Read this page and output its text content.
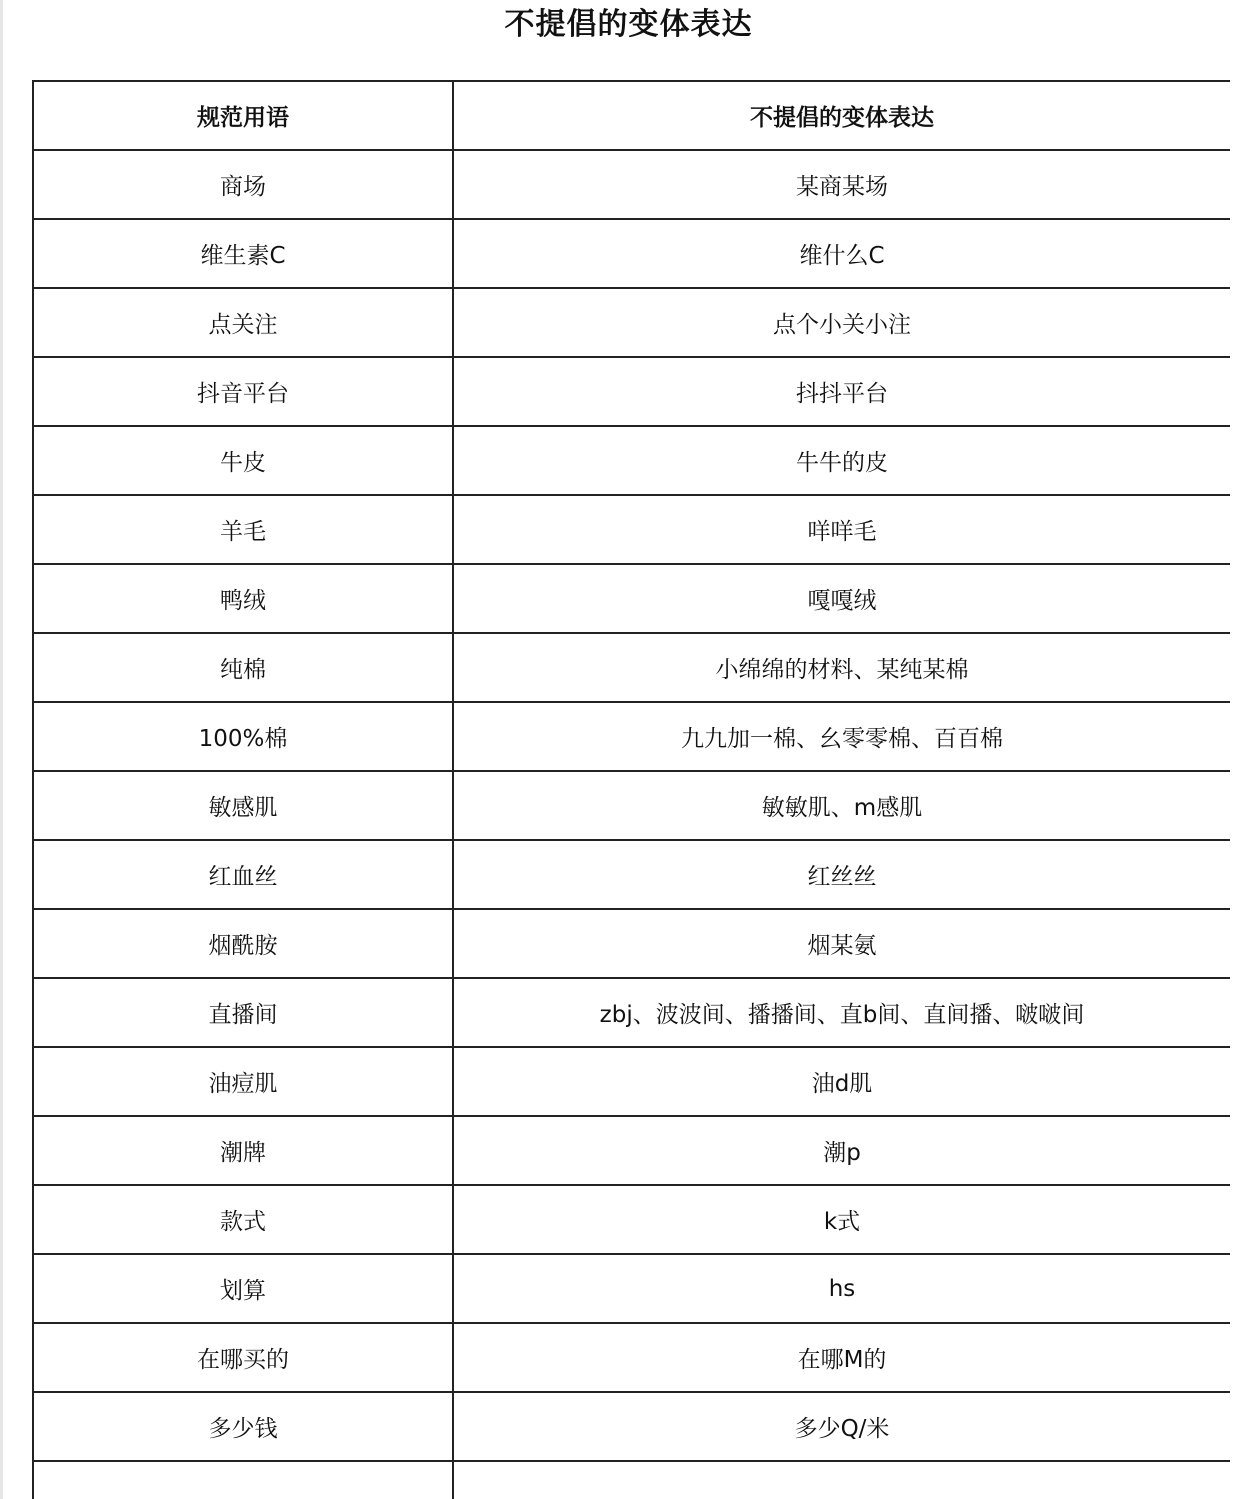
不提倡的变体表达
规范用语	不提倡的变体表达
商场	某商某场
维生素C	维什么C
点关注	点个小关小注
抖音平台	抖抖平台
牛皮	牛牛的皮
羊毛	咩咩毛
鸭绒	嘎嘎绒
纯棉	小绵绵的材料、某纯某棉
100%棉	九九加一棉、幺零零棉、百百棉
敏感肌	敏敏肌、m感肌
红血丝	红丝丝
烟酰胺	烟某氨
直播间	zbj、波波间、播播间、直b间、直间播、啵啵间
油痘肌	油d肌
潮牌	潮p
款式	k式
划算	hs
在哪买的	在哪M的
多少钱	多少Q/米
